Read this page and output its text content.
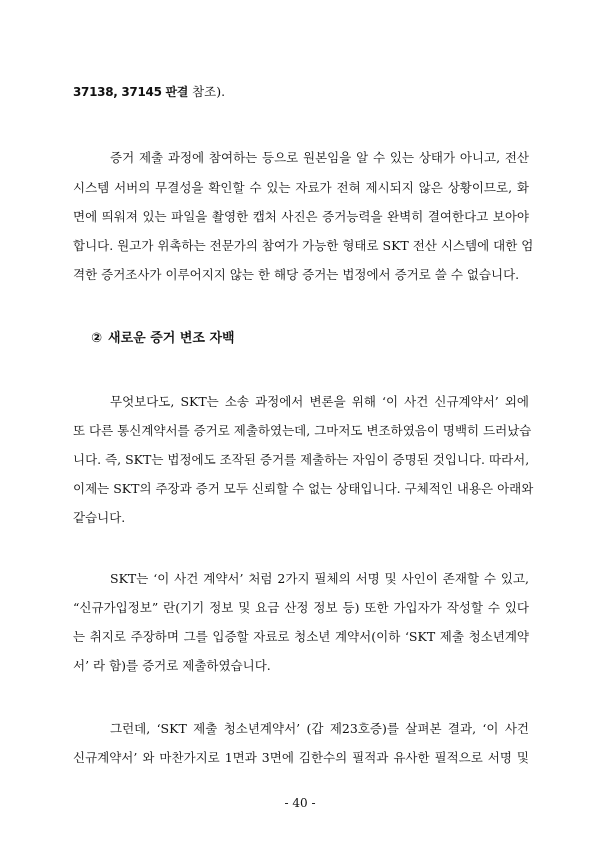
37138, 37145 판결 참조).
증거 제출 과정에 참여하는 등으로 원본임을 알 수 있는 상태가 아니고, 전산
시스템 서버의 무결성을 확인할 수 있는 자료가 전혀 제시되지 않은 상황이므로, 화
면에 띄워져 있는 파일을 촬영한 캡처 사진은 증거능력을 완벽히 결여한다고 보아야
합니다. 원고가 위촉하는 전문가의 참여가 가능한 형태로 SKT 전산 시스템에 대한 엄
격한 증거조사가 이루어지지 않는 한 해당 증거는 법정에서 증거로 쓸 수 없습니다.
② 새로운 증거 변조 자백
무엇보다도, SKT는 소송 과정에서 변론을 위해 ‘이 사건 신규계약서’ 외에
또 다른 통신계약서를 증거로 제출하였는데, 그마저도 변조하였음이 명백히 드러났습
니다. 즉, SKT는 법정에도 조작된 증거를 제출하는 자임이 증명된 것입니다. 따라서,
이제는 SKT의 주장과 증거 모두 신뢰할 수 없는 상태입니다. 구체적인 내용은 아래와
같습니다.
SKT는 ‘이 사건 계약서’ 처럼 2가지 필체의 서명 및 사인이 존재할 수 있고,
“신규가입정보” 란(기기 정보 및 요금 산정 정보 등) 또한 가입자가 작성할 수 있다
는 취지로 주장하며 그를 입증할 자료로 청소년 계약서(이하 ‘SKT 제출 청소년계약
서’ 라 함)를 증거로 제출하였습니다.
그런데, ‘SKT 제출 청소년계약서’ (갑 제23호증)를 살펴본 결과, ‘이 사건
신규계약서’ 와 마찬가지로 1면과 3면에 김한수의 필적과 유사한 필적으로 서명 및
- 40 -
